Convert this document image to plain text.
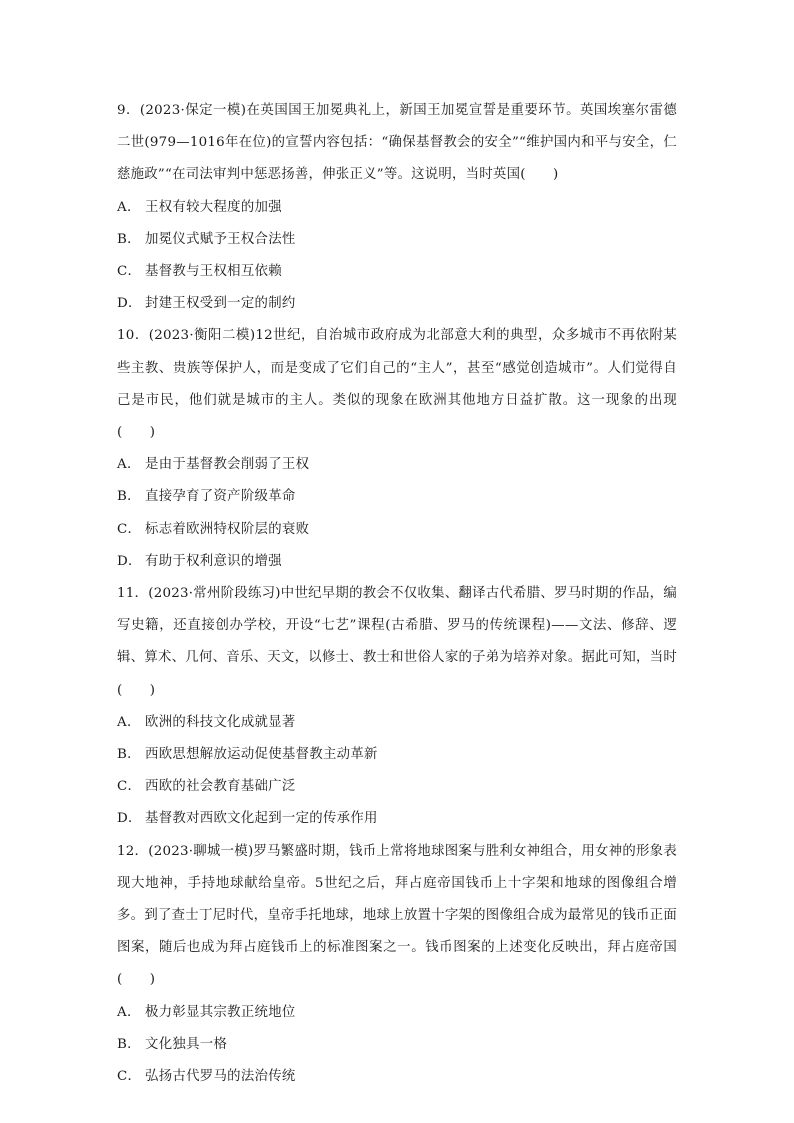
9．(2023·保定一模)在英国国王加冕典礼上，新国王加冕宣誓是重要环节。英国埃塞尔雷德二世(979—1016年在位)的宣誓内容包括：“确保基督教会的安全”“维护国内和平与安全，仁慈施政”“在司法审判中惩恶扬善，伸张正义”等。这说明，当时英国(　　)

A． 王权有较大程度的加强

B． 加冕仪式赋予王权合法性

C． 基督教与王权相互依赖

D． 封建王权受到一定的制约

10．(2023·衡阳二模)12世纪，自治城市政府成为北部意大利的典型，众多城市不再依附某些主教、贵族等保护人，而是变成了它们自己的“主人”，甚至“感觉创造城市”。人们觉得自己是市民，他们就是城市的主人。类似的现象在欧洲其他地方日益扩散。这一现象的出现(　　)

A． 是由于基督教会削弱了王权

B． 直接孕育了资产阶级革命

C． 标志着欧洲特权阶层的衰败

D． 有助于权利意识的增强

11．(2023·常州阶段练习)中世纪早期的教会不仅收集、翻译古代希腊、罗马时期的作品，编写史籍，还直接创办学校，开设“七艺”课程(古希腊、罗马的传统课程)——文法、修辞、逻辑、算术、几何、音乐、天文，以修士、教士和世俗人家的子弟为培养对象。据此可知，当时(　　)

A． 欧洲的科技文化成就显著

B． 西欧思想解放运动促使基督教主动革新

C． 西欧的社会教育基础广泛

D． 基督教对西欧文化起到一定的传承作用

12．(2023·聊城一模)罗马繁盛时期，钱币上常将地球图案与胜利女神组合，用女神的形象表现大地神，手持地球献给皇帝。5世纪之后，拜占庭帝国钱币上十字架和地球的图像组合增多。到了查士丁尼时代，皇帝手托地球，地球上放置十字架的图像组合成为最常见的钱币正面图案，随后也成为拜占庭钱币上的标准图案之一。钱币图案的上述变化反映出，拜占庭帝国(　　)

A． 极力彰显其宗教正统地位

B． 文化独具一格

C． 弘扬古代罗马的法治传统
